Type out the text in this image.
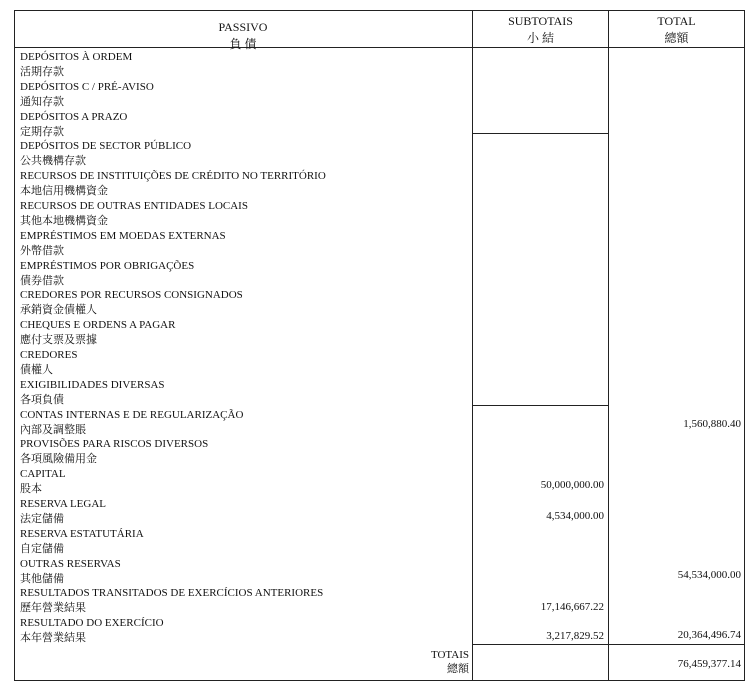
PASSIVO
負 債
SUBTOTAIS
小 結
TOTAL
總額
DEPÓSITOS À ORDEM
活期存款
DEPÓSITOS C / PRÉ-AVISO
通知存款
DEPÓSITOS A PRAZO
定期存款
DEPÓSITOS DE SECTOR PÚBLICO
公共機構存款
RECURSOS DE INSTITUIÇÕES DE CRÉDITO NO TERRITÓRIO
本地信用機構資金
RECURSOS DE OUTRAS ENTIDADES LOCAIS
其他本地機構資金
EMPRÉSTIMOS EM MOEDAS EXTERNAS
外幣借款
EMPRÉSTIMOS POR OBRIGAÇÕES
債券借款
CREDORES POR RECURSOS CONSIGNADOS
承銷資金債權人
CHEQUES E ORDENS A PAGAR
應付支票及票據
CREDORES
債權人
EXIGIBILIDADES DIVERSAS
各項負債
CONTAS INTERNAS E DE REGULARIZAÇÃO
內部及調整賬
PROVISÕES PARA RISCOS DIVERSOS
各項風險備用金
CAPITAL
股本
RESERVA LEGAL
法定儲備
RESERVA ESTATUTÁRIA
自定儲備
OUTRAS RESERVAS
其他儲備
RESULTADOS TRANSITADOS DE EXERCÍCIOS ANTERIORES
歷年營業結果
RESULTADO DO EXERCÍCIO
本年營業結果
1,560,880.40
50,000,000.00
4,534,000.00
54,534,000.00
17,146,667.22
3,217,829.52	20,364,496.74
76,459,377.14
TOTAIS
總額
